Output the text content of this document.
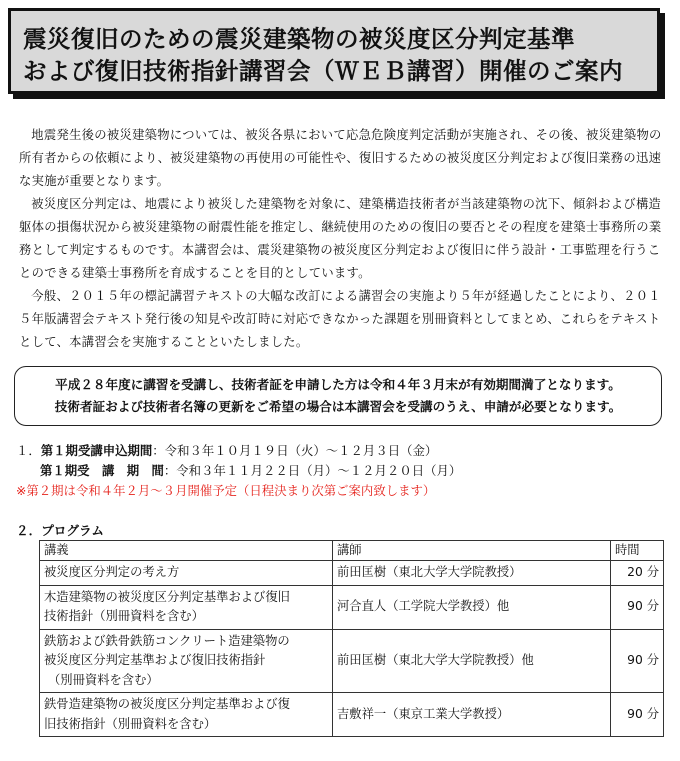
震災復旧のための震災建築物の被災度区分判定基準
および復旧技術指針講習会（ＷＥＢ講習）開催のご案内

地震発生後の被災建築物については、被災各県において応急危険度判定活動が実施され、その後、被災建築物の所有者からの依頼により、被災建築物の再使用の可能性や、復旧するための被災度区分判定および復旧業務の迅速な実施が重要となります。

被災度区分判定は、地震により被災した建築物を対象に、建築構造技術者が当該建築物の沈下、傾斜および構造躯体の損傷状況から被災建築物の耐震性能を推定し、継続使用のための復旧の要否とその程度を建築士事務所の業務として判定するものです。本講習会は、震災建築物の被災度区分判定および復旧に伴う設計・工事監理を行うことのできる建築士事務所を育成することを目的としています。

今般、２０１５年の標記講習テキストの大幅な改訂による講習会の実施より５年が経過したことにより、２０１５年版講習会テキスト発行後の知見や改訂時に対応できなかった課題を別冊資料としてまとめ、これらをテキストとして、本講習会を実施することといたしました。

平成２８年度に講習を受講し、技術者証を申請した方は令和４年３月末が有効期間満了となります。
技術者証および技術者名簿の更新をご希望の場合は本講習会を受講のうえ、申請が必要となります。
１．第１期受講申込期間：令和３年１０月１９日（火）～１２月３日（金）
第１期受　講　期　間：令和３年１１月２２日（月）～１２月２０日（月）
※第２期は令和４年２月～３月開催予定（日程決まり次第ご案内致します）
２．プログラム
講義	講師	時間

被災度区分判定の考え方	前田匡樹（東北大学大学院教授）	20 分

木造建築物の被災度区分判定基準および復旧
技術指針（別冊資料を含む）	河合直人（工学院大学教授）他	90 分

鉄筋および鉄骨鉄筋コンクリート造建築物の
被災度区分判定基準および復旧技術指針
（別冊資料を含む）	前田匡樹（東北大学大学院教授）他	90 分

鉄骨造建築物の被災度区分判定基準および復
旧技術指針（別冊資料を含む）	吉敷祥一（東京工業大学教授）	90 分
